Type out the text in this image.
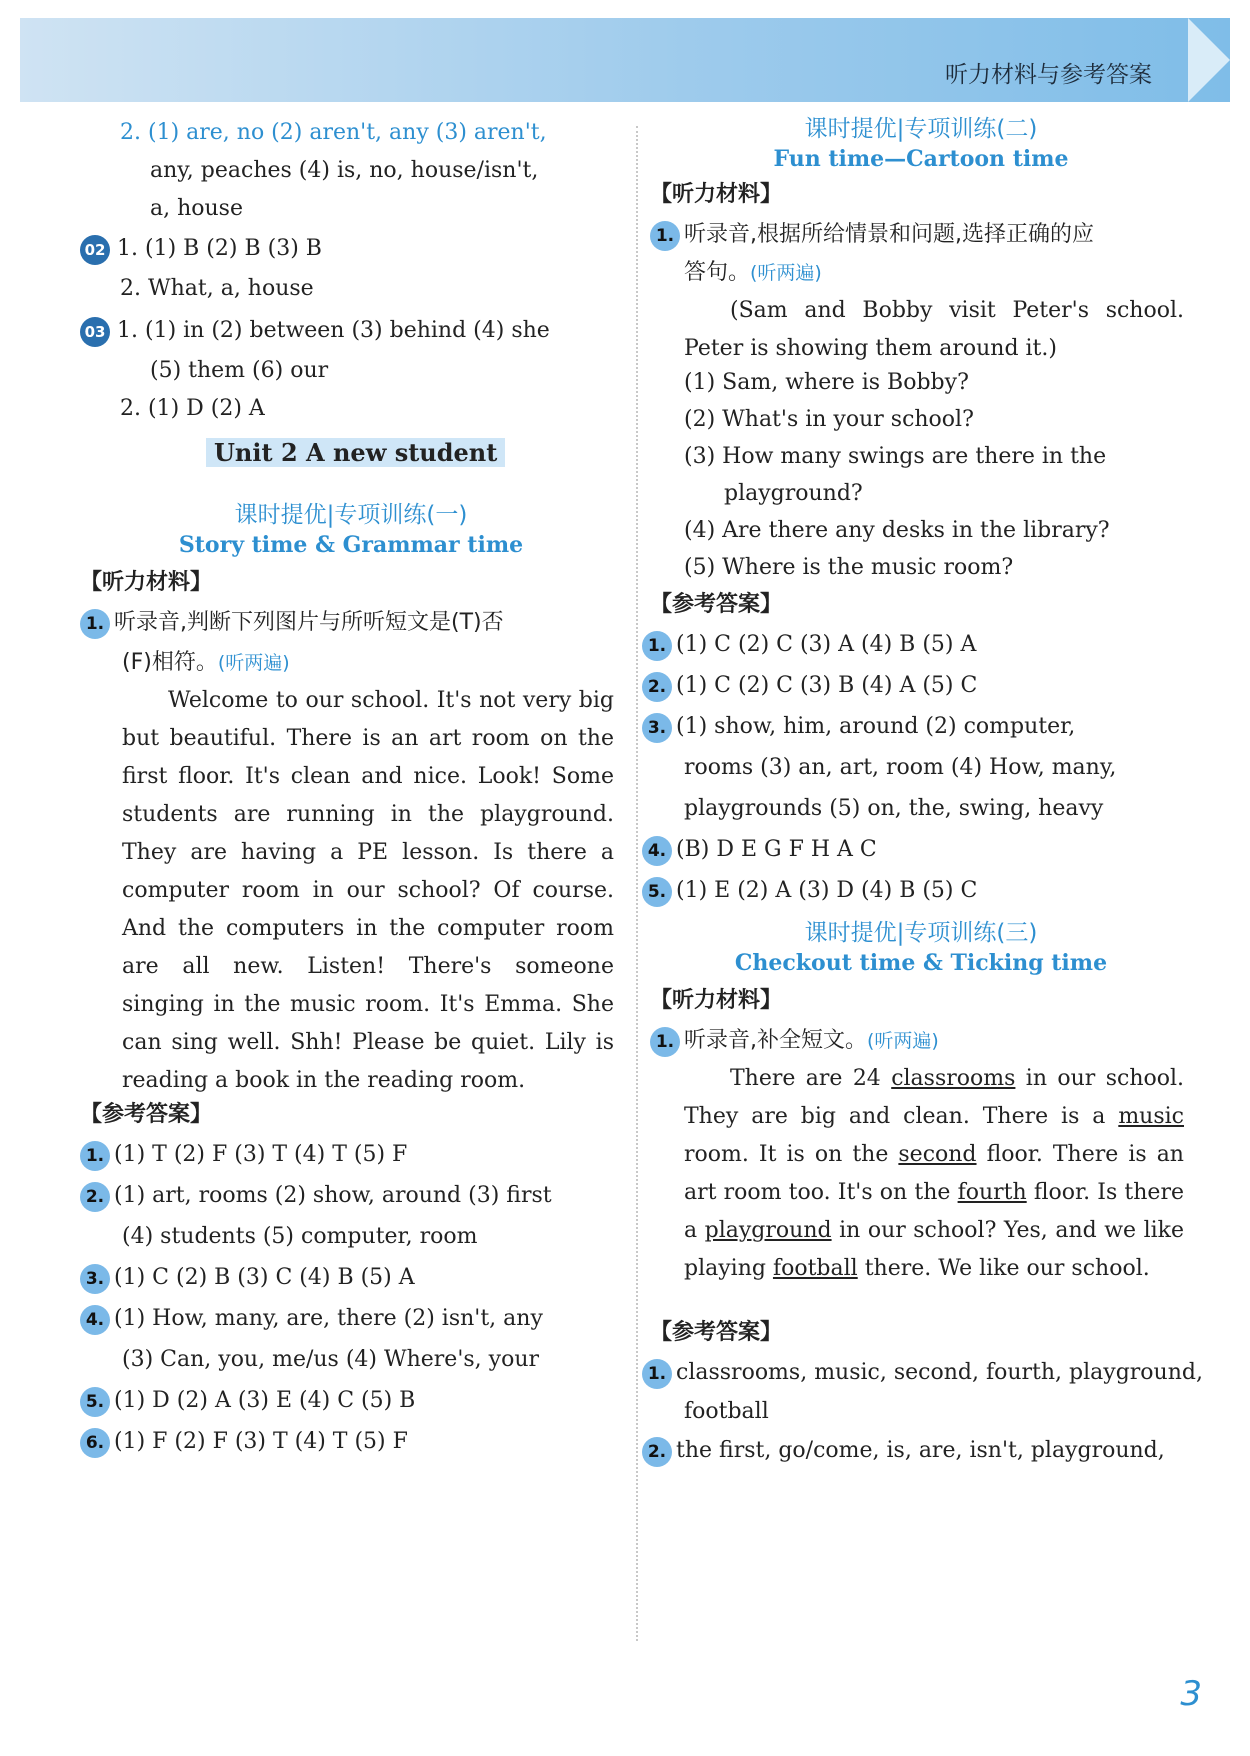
听力材料与参考答案
2. (1) are, no (2) aren't, any (3) aren't,
any, peaches (4) is, no, house/isn't,
a, house
02 1. (1) B (2) B (3) B
2. What, a, house
03 1. (1) in (2) between (3) behind (4) she
(5) them (6) our
2. (1) D (2) A
Unit 2 A new student
课时提优|专项训练(一)
Story time & Grammar time
【听力材料】
1. 听录音,判断下列图片与所听短文是(T)否
(F)相符。(听两遍)
Welcome to our school. It's not very big but beautiful. There is an art room on the first floor. It's clean and nice. Look! Some students are running in the playground. They are having a PE lesson. Is there a computer room in our school? Of course. And the computers in the computer room are all new. Listen! There's someone singing in the music room. It's Emma. She can sing well. Shh! Please be quiet. Lily is reading a book in the reading room.
【参考答案】
1. (1) T (2) F (3) T (4) T (5) F
2. (1) art, rooms (2) show, around (3) first
(4) students (5) computer, room
3. (1) C (2) B (3) C (4) B (5) A
4. (1) How, many, are, there (2) isn't, any
(3) Can, you, me/us (4) Where's, your
5. (1) D (2) A (3) E (4) C (5) B
6. (1) F (2) F (3) T (4) T (5) F
课时提优|专项训练(二)
Fun time—Cartoon time
【听力材料】
1. 听录音,根据所给情景和问题,选择正确的应
答句。(听两遍)
(Sam and Bobby visit Peter's school. Peter is showing them around it.)
(1) Sam, where is Bobby?
(2) What's in your school?
(3) How many swings are there in the
playground?
(4) Are there any desks in the library?
(5) Where is the music room?
【参考答案】
1. (1) C (2) C (3) A (4) B (5) A
2. (1) C (2) C (3) B (4) A (5) C
3. (1) show, him, around (2) computer,
rooms (3) an, art, room (4) How, many,
playgrounds (5) on, the, swing, heavy
4. (B) D E G F H A C
5. (1) E (2) A (3) D (4) B (5) C
课时提优|专项训练(三)
Checkout time & Ticking time
【听力材料】
1. 听录音,补全短文。(听两遍)
There are 24 classrooms in our school. They are big and clean. There is a music room. It is on the second floor. There is an art room too. It's on the fourth floor. Is there a playground in our school? Yes, and we like playing football there. We like our school.
【参考答案】
1. classrooms, music, second, fourth, playground,
football
2. the first, go/come, is, are, isn't, playground,
3
